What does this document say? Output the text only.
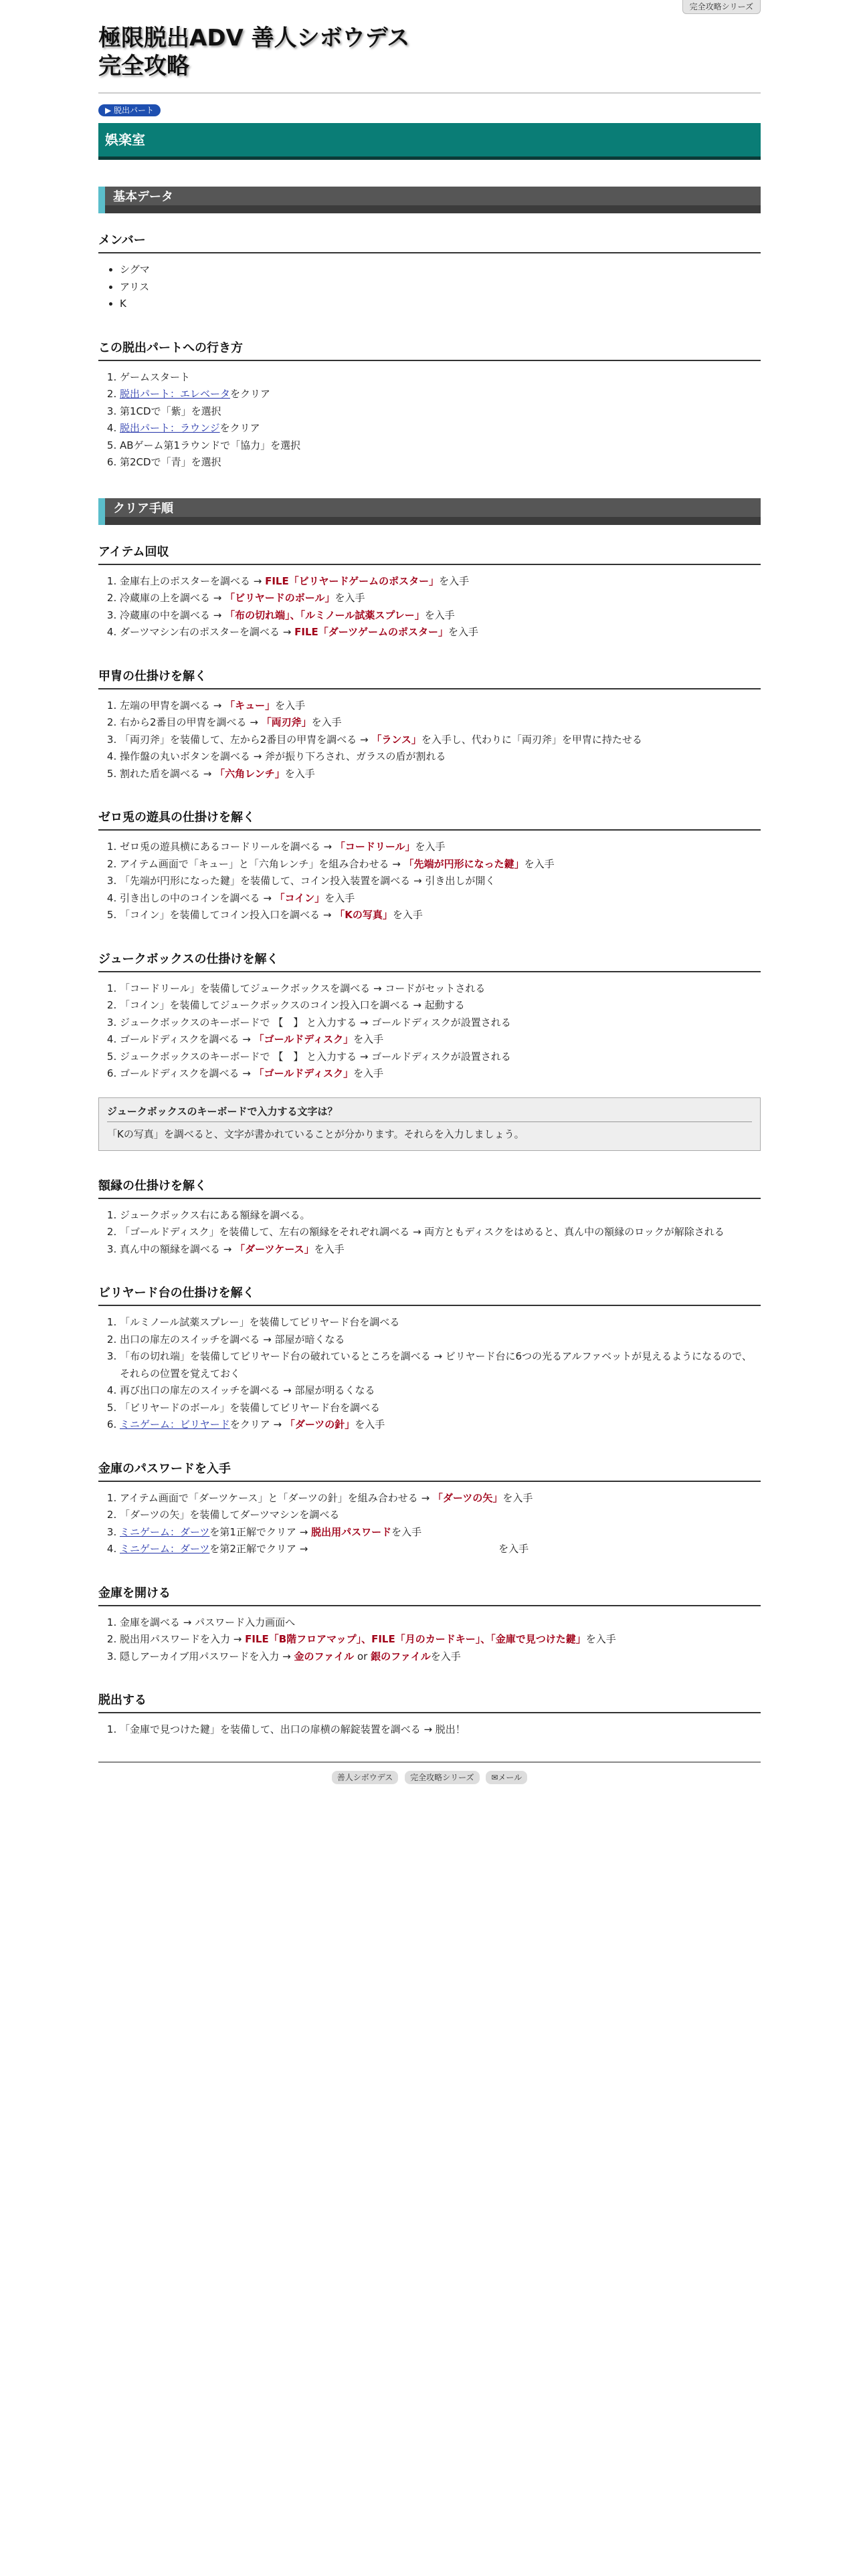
完全攻略シリーズ
極限脱出ADV 善人シボウデス
完全攻略
▶ 脱出パート
娯楽室
基本データ
メンバー
• シグマ
• アリス
• K
この脱出パートへの行き方
1. ゲームスタート
2. 脱出パート：エレベータをクリア
3. 第1CDで「紫」を選択
4. 脱出パート：ラウンジをクリア
5. ABゲーム第1ラウンドで「協力」を選択
6. 第2CDで「青」を選択
クリア手順
アイテム回収
1. 金庫右上のポスターを調べる → FILE「ビリヤードゲームのポスター」を入手
2. 冷蔵庫の上を調べる → 「ビリヤードのボール」を入手
3. 冷蔵庫の中を調べる → 「布の切れ端」、「ルミノール試薬スプレー」を入手
4. ダーツマシン右のポスターを調べる → FILE「ダーツゲームのポスター」を入手
甲冑の仕掛けを解く
1. 左端の甲冑を調べる → 「キュー」を入手
2. 右から2番目の甲冑を調べる → 「両刃斧」を入手
3. 「両刃斧」を装備して、左から2番目の甲冑を調べる → 「ランス」を入手し、代わりに「両刃斧」を甲冑に持たせる
4. 操作盤の丸いボタンを調べる → 斧が振り下ろされ、ガラスの盾が割れる
5. 割れた盾を調べる → 「六角レンチ」を入手
ゼロ兎の遊具の仕掛けを解く
1. ゼロ兎の遊具横にあるコードリールを調べる → 「コードリール」を入手
2. アイテム画面で「キュー」と「六角レンチ」を組み合わせる → 「先端が円形になった鍵」を入手
3. 「先端が円形になった鍵」を装備して、コイン投入装置を調べる → 引き出しが開く
4. 引き出しの中のコインを調べる → 「コイン」を入手
5. 「コイン」を装備してコイン投入口を調べる → 「Kの写真」を入手
ジュークボックスの仕掛けを解く
1. 「コードリール」を装備してジュークボックスを調べる → コードがセットされる
2. 「コイン」を装備してジュークボックスのコイン投入口を調べる → 起動する
3. ジュークボックスのキーボードで 【　】 と入力する → ゴールドディスクが設置される
4. ゴールドディスクを調べる → 「ゴールドディスク」を入手
5. ジュークボックスのキーボードで 【　】 と入力する → ゴールドディスクが設置される
6. ゴールドディスクを調べる → 「ゴールドディスク」を入手
ジュークボックスのキーボードで入力する文字は？
「Kの写真」を調べると、文字が書かれていることが分かります。それらを入力しましょう。
額縁の仕掛けを解く
1. ジュークボックス右にある額縁を調べる。
2. 「ゴールドディスク」を装備して、左右の額縁をそれぞれ調べる → 両方ともディスクをはめると、真ん中の額縁のロックが解除される
3. 真ん中の額縁を調べる → 「ダーツケース」を入手
ビリヤード台の仕掛けを解く
1. 「ルミノール試薬スプレー」を装備してビリヤード台を調べる
2. 出口の扉左のスイッチを調べる → 部屋が暗くなる
3. 「布の切れ端」を装備してビリヤード台の破れているところを調べる → ビリヤード台に6つの光るアルファベットが見えるようになるので、それらの位置を覚えておく
4. 再び出口の扉左のスイッチを調べる → 部屋が明るくなる
5. 「ビリヤードのボール」を装備してビリヤード台を調べる
6. ミニゲーム：ビリヤードをクリア → 「ダーツの針」を入手
金庫のパスワードを入手
1. アイテム画面で「ダーツケース」と「ダーツの針」を組み合わせる → 「ダーツの矢」を入手
2. 「ダーツの矢」を装備してダーツマシンを調べる
3. ミニゲーム：ダーツを第1正解でクリア → 脱出用パスワードを入手
4. ミニゲーム：ダーツを第2正解でクリア →	を入手
金庫を開ける
1. 金庫を調べる → パスワード入力画面へ
2. 脱出用パスワードを入力 → FILE「B階フロアマップ」、FILE「月のカードキー」、「金庫で見つけた鍵」を入手
3. 隠しアーカイブ用パスワードを入力 → 金のファイル or 銀のファイルを入手
脱出する
1. 「金庫で見つけた鍵」を装備して、出口の扉横の解錠装置を調べる → 脱出！
善人シボウデス 完全攻略シリーズ ✉メール
